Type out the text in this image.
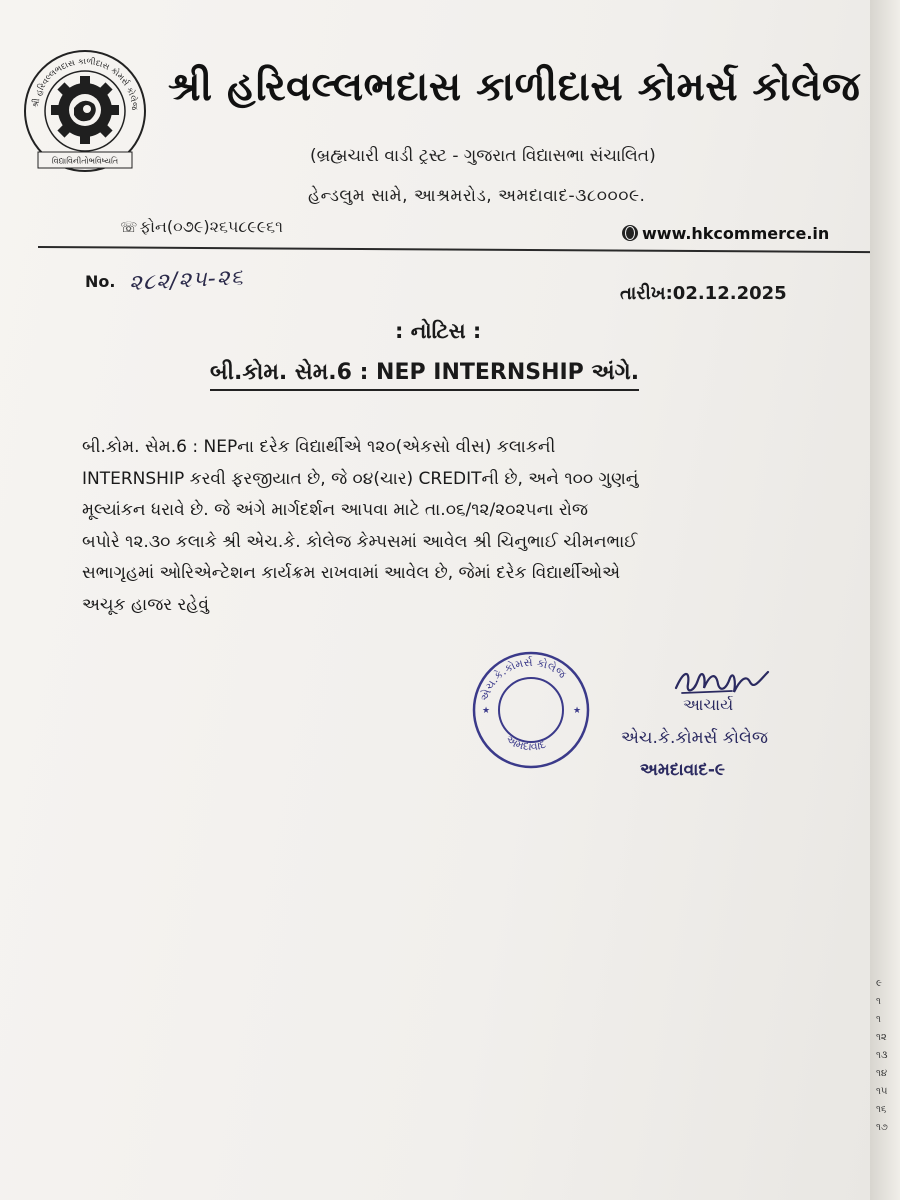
શ્રી હરિવલ્લભદાસ કાળીદાસ કોમર્સ કોલેજ
વિદ્યાવિનીતોભવિષ્યતિ
શ્રી હરિવલ્લભદાસ કાળીદાસ કોમર્સ કોલેજ
(બ્રહ્મચારી વાડી ટ્રસ્ટ - ગુજરાત વિદ્યાસભા સંચાલિત)
હેન્ડલુમ સામે, આશ્રમરોડ, અમદાવાદ-૩૮૦૦૦૯.
☏ ફોન(૦૭૯)૨૬૫૮૯૯૬૧	www.hkcommerce.in
No. ૨૮૨/૨૫-૨૬	તારીખ:02.12.2025
: નોટિસ :
બી.કોમ. સેમ.6 : NEP INTERNSHIP અંગે.
બી.કોમ. સેમ.6 : NEPના દરેક વિદ્યાર્થીએ ૧૨૦(એકસો વીસ) કલાકની
INTERNSHIP કરવી ફરજીયાત છે, જે ૦૪(ચાર) CREDITની છે, અને ૧૦૦ ગુણનું
મૂલ્યાંકન ધરાવે છે. જે અંગે માર્ગદર્શન આપવા માટે તા.૦૬/૧૨/૨૦૨૫ના રોજ
બપોરે ૧૨.૩૦ કલાકે શ્રી એચ.કે. કોલેજ કેમ્પસમાં આવેલ શ્રી ચિનુભાઈ ચીમનભાઈ
સભાગૃહમાં ઓરિએન્ટેશન કાર્યક્રમ રાખવામાં આવેલ છે, જેમાં દરેક વિદ્યાર્થીઓએ
અચૂક હાજર રહેવું
એચ.કે.કોમર્સ કોલેજ
અમદાવાદ
★	★	આચાર્ય
એચ.કે.કોમર્સ કોલેજ
અમદાવાદ-૯
૯
૧
૧
૧૨
૧૩
૧૪
૧૫
૧૬
૧૭
